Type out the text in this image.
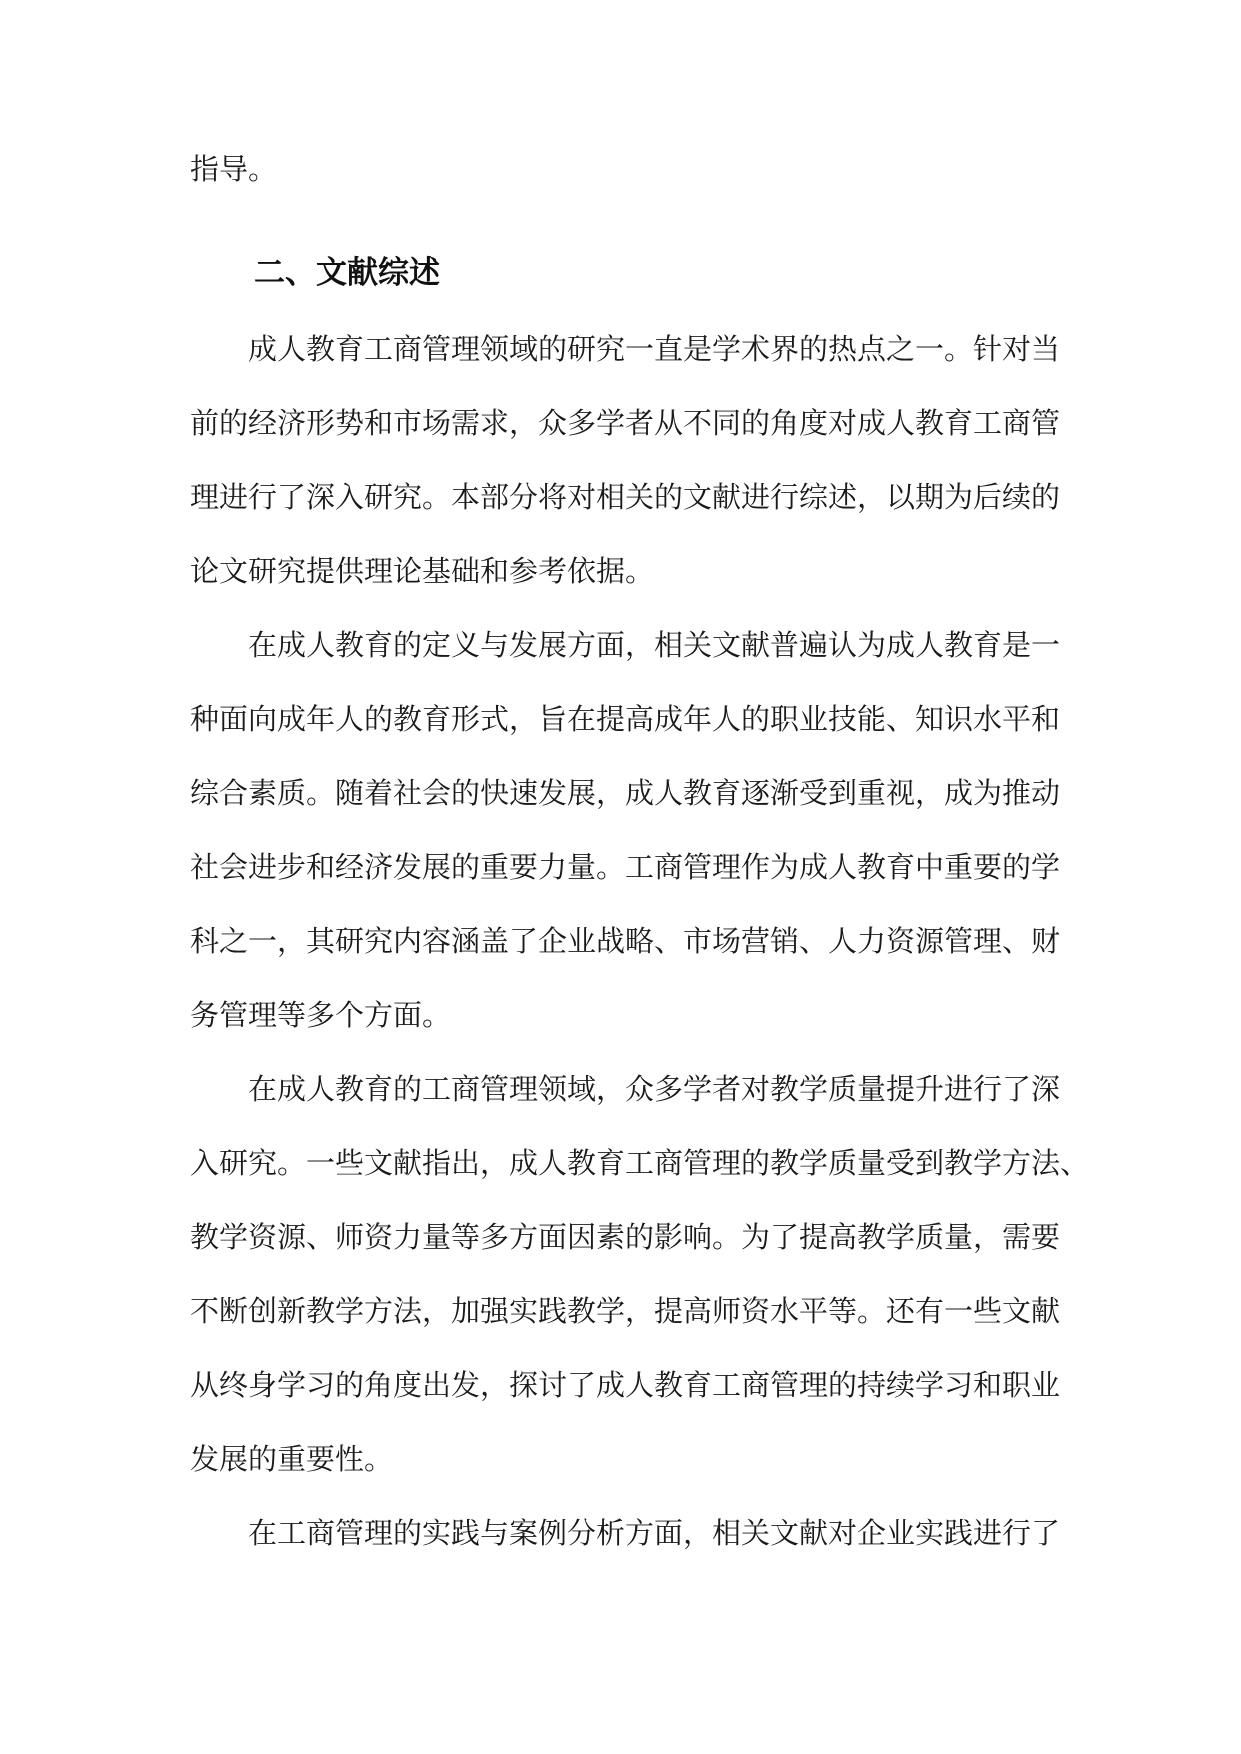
指导。
二、文献综述
成人教育工商管理领域的研究一直是学术界的热点之一。针对当
前的经济形势和市场需求，众多学者从不同的角度对成人教育工商管
理进行了深入研究。本部分将对相关的文献进行综述，以期为后续的
论文研究提供理论基础和参考依据。
在成人教育的定义与发展方面，相关文献普遍认为成人教育是一
种面向成年人的教育形式，旨在提高成年人的职业技能、知识水平和
综合素质。随着社会的快速发展，成人教育逐渐受到重视，成为推动
社会进步和经济发展的重要力量。工商管理作为成人教育中重要的学
科之一，其研究内容涵盖了企业战略、市场营销、人力资源管理、财
务管理等多个方面。
在成人教育的工商管理领域，众多学者对教学质量提升进行了深
入研究。一些文献指出，成人教育工商管理的教学质量受到教学方法、
教学资源、师资力量等多方面因素的影响。为了提高教学质量，需要
不断创新教学方法，加强实践教学，提高师资水平等。还有一些文献
从终身学习的角度出发，探讨了成人教育工商管理的持续学习和职业
发展的重要性。
在工商管理的实践与案例分析方面，相关文献对企业实践进行了
